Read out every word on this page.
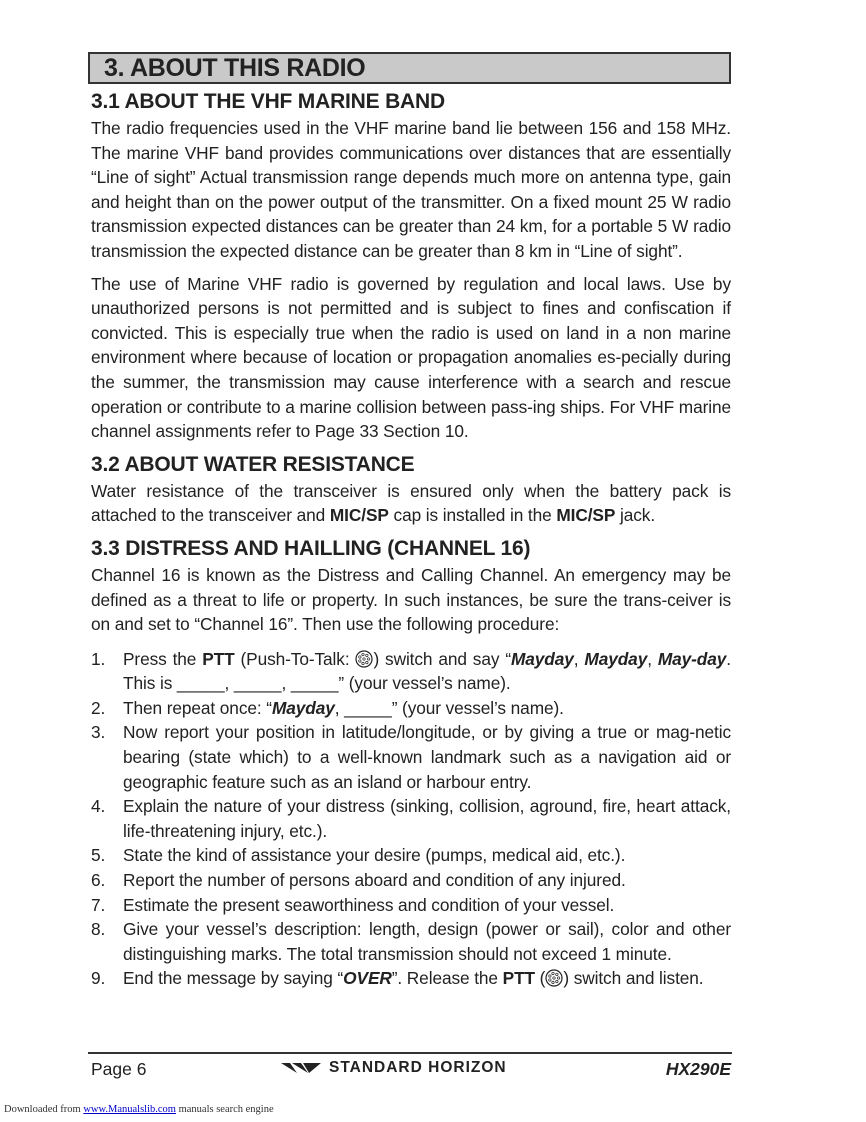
3. ABOUT THIS RADIO
3.1 ABOUT THE VHF MARINE BAND

The radio frequencies used in the VHF marine band lie between 156 and 158 MHz. The marine VHF band provides communications over distances that are essentially “Line of sight” Actual transmission range depends much more on antenna type, gain and height than on the power output of the transmitter. On a fixed mount 25 W radio transmission expected distances can be greater than 24 km, for a portable 5 W radio transmission the expected distance can be greater than 8 km in “Line of sight”.

The use of Marine VHF radio is governed by regulation and local laws. Use by unauthorized persons is not permitted and is subject to fines and confiscation if convicted. This is especially true when the radio is used on land in a non marine environment where because of location or propagation anomalies es-pecially during the summer, the transmission may cause interference with a search and rescue operation or contribute to a marine collision between pass-ing ships. For VHF marine channel assignments refer to Page 33 Section 10.

3.2 ABOUT WATER RESISTANCE

Water resistance of the transceiver is ensured only when the battery pack is attached to the transceiver and MIC/SP cap is installed in the MIC/SP jack.

3.3 DISTRESS AND HAILLING (CHANNEL 16)

Channel 16 is known as the Distress and Calling Channel. An emergency may be defined as a threat to life or property. In such instances, be sure the trans-ceiver is on and set to “Channel 16”. Then use the following procedure:

1. Press the PTT (Push-To-Talk: ) switch and say “Mayday, Mayday, May-day. This is _____, _____, _____” (your vessel’s name).
2. Then repeat once: “Mayday, _____” (your vessel’s name).
3. Now report your position in latitude/longitude, or by giving a true or mag-netic bearing (state which) to a well-known landmark such as a navigation aid or geographic feature such as an island or harbour entry.
4. Explain the nature of your distress (sinking, collision, aground, fire, heart attack, life-threatening injury, etc.).
5. State the kind of assistance your desire (pumps, medical aid, etc.).
6. Report the number of persons aboard and condition of any injured.
7. Estimate the present seaworthiness and condition of your vessel.
8. Give your vessel’s description: length, design (power or sail), color and other distinguishing marks. The total transmission should not exceed 1 minute.
9. End the message by saying “OVER”. Release the PTT ( ) switch and listen.
Page 6	STANDARD HORIZON	HX290E
Downloaded from www.Manualslib.com manuals search engine
